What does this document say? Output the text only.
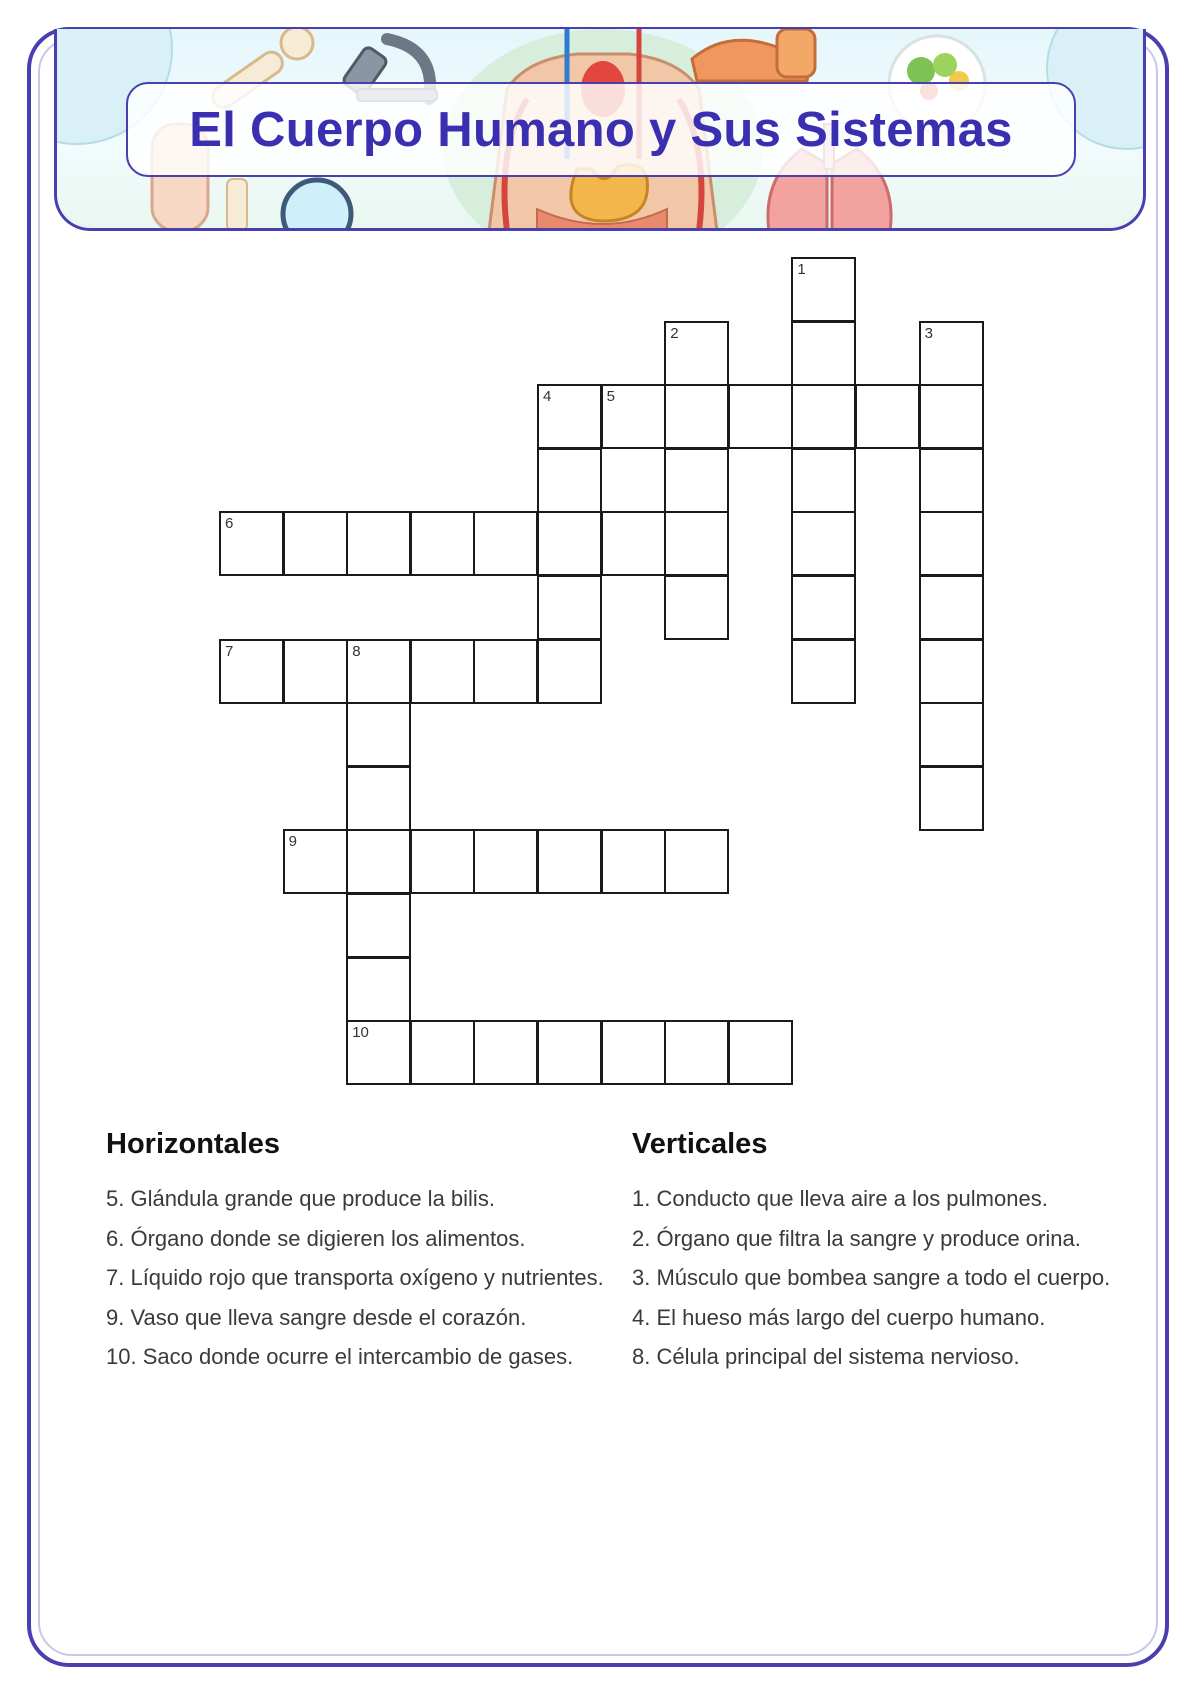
El Cuerpo Humano y Sus Sistemas
1
2	3
4	5
6
7	8
10
9
Horizontales
5. Glándula grande que produce la bilis.
6. Órgano donde se digieren los alimentos.
7. Líquido rojo que transporta oxígeno y nutrientes.
9. Vaso que lleva sangre desde el corazón.
10. Saco donde ocurre el intercambio de gases.
Verticales
1. Conducto que lleva aire a los pulmones.
2. Órgano que filtra la sangre y produce orina.
3. Músculo que bombea sangre a todo el cuerpo.
4. El hueso más largo del cuerpo humano.
8. Célula principal del sistema nervioso.
